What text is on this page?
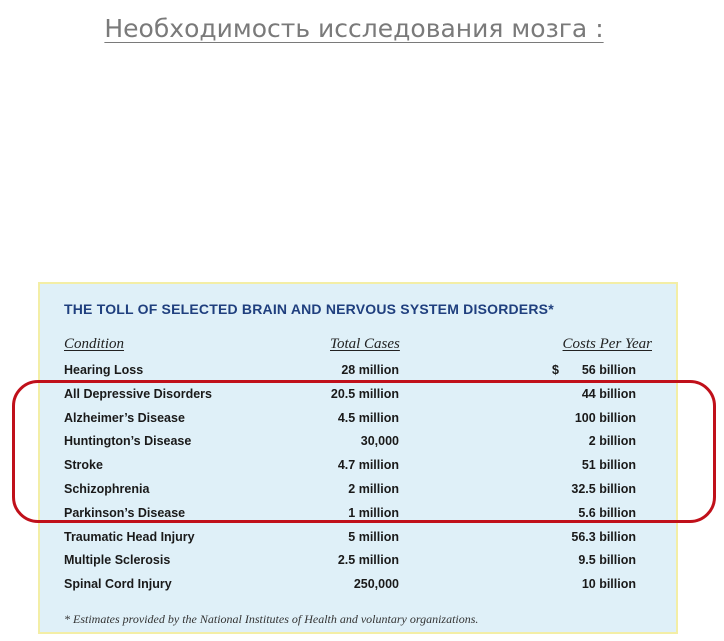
Необходимость исследования мозга :
THE TOLL OF SELECTED BRAIN AND NERVOUS SYSTEM DISORDERS*
Condition	Total Cases	Costs Per Year
Hearing Loss	28 million	$ 56 billion
All Depressive Disorders	20.5 million	44 billion
Alzheimer’s Disease	4.5 million	100 billion
Huntington’s Disease	30,000	2 billion
Stroke	4.7 million	51 billion
Schizophrenia	2 million	32.5 billion
Parkinson’s Disease	1 million	5.6 billion
Traumatic Head Injury	5 million	56.3 billion
Multiple Sclerosis	2.5 million	9.5 billion
Spinal Cord Injury	250,000	10 billion
* Estimates provided by the National Institutes of Health and voluntary organizations.
